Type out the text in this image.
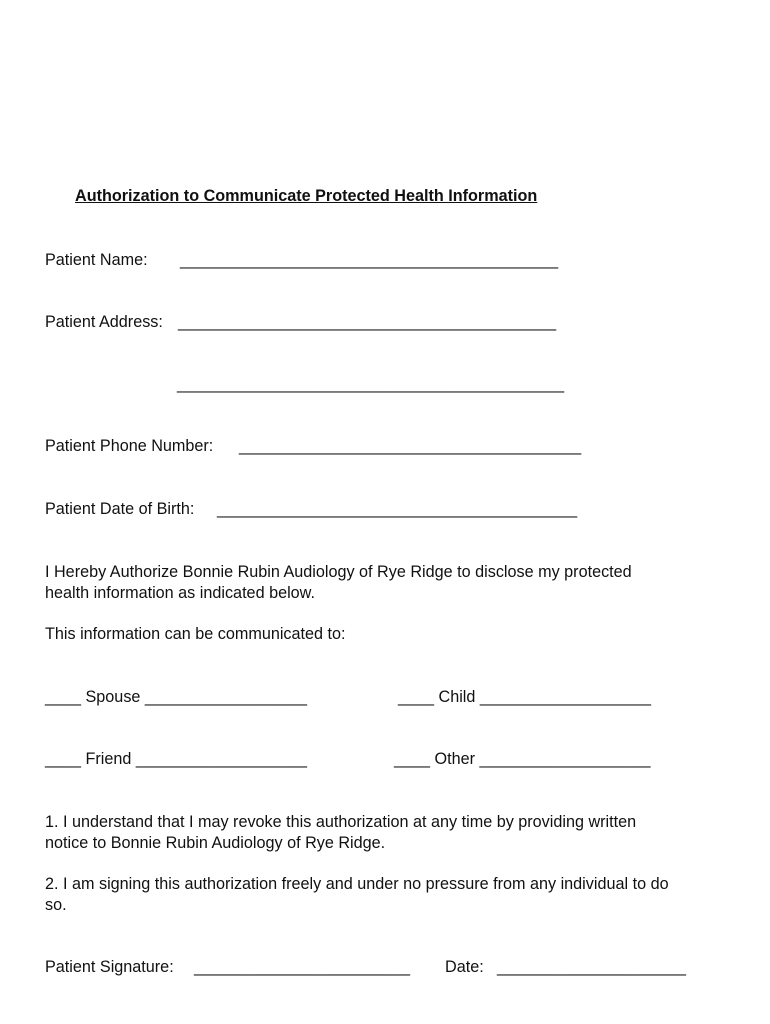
Authorization to Communicate Protected Health Information
Patient Name: __________________________________________
Patient Address: __________________________________________
___________________________________________
Patient Phone Number: ______________________________________
Patient Date of Birth: ________________________________________
I Hereby Authorize Bonnie Rubin Audiology of Rye Ridge to disclose my protected
health information as indicated below.
This information can be communicated to:
____ Spouse __________________	____ Child ___________________
____ Friend ___________________	____ Other ___________________
1. I understand that I may revoke this authorization at any time by providing written
notice to Bonnie Rubin Audiology of Rye Ridge.
2. I am signing this authorization freely and under no pressure from any individual to do
so.
Patient Signature: ________________________ Date: _____________________
